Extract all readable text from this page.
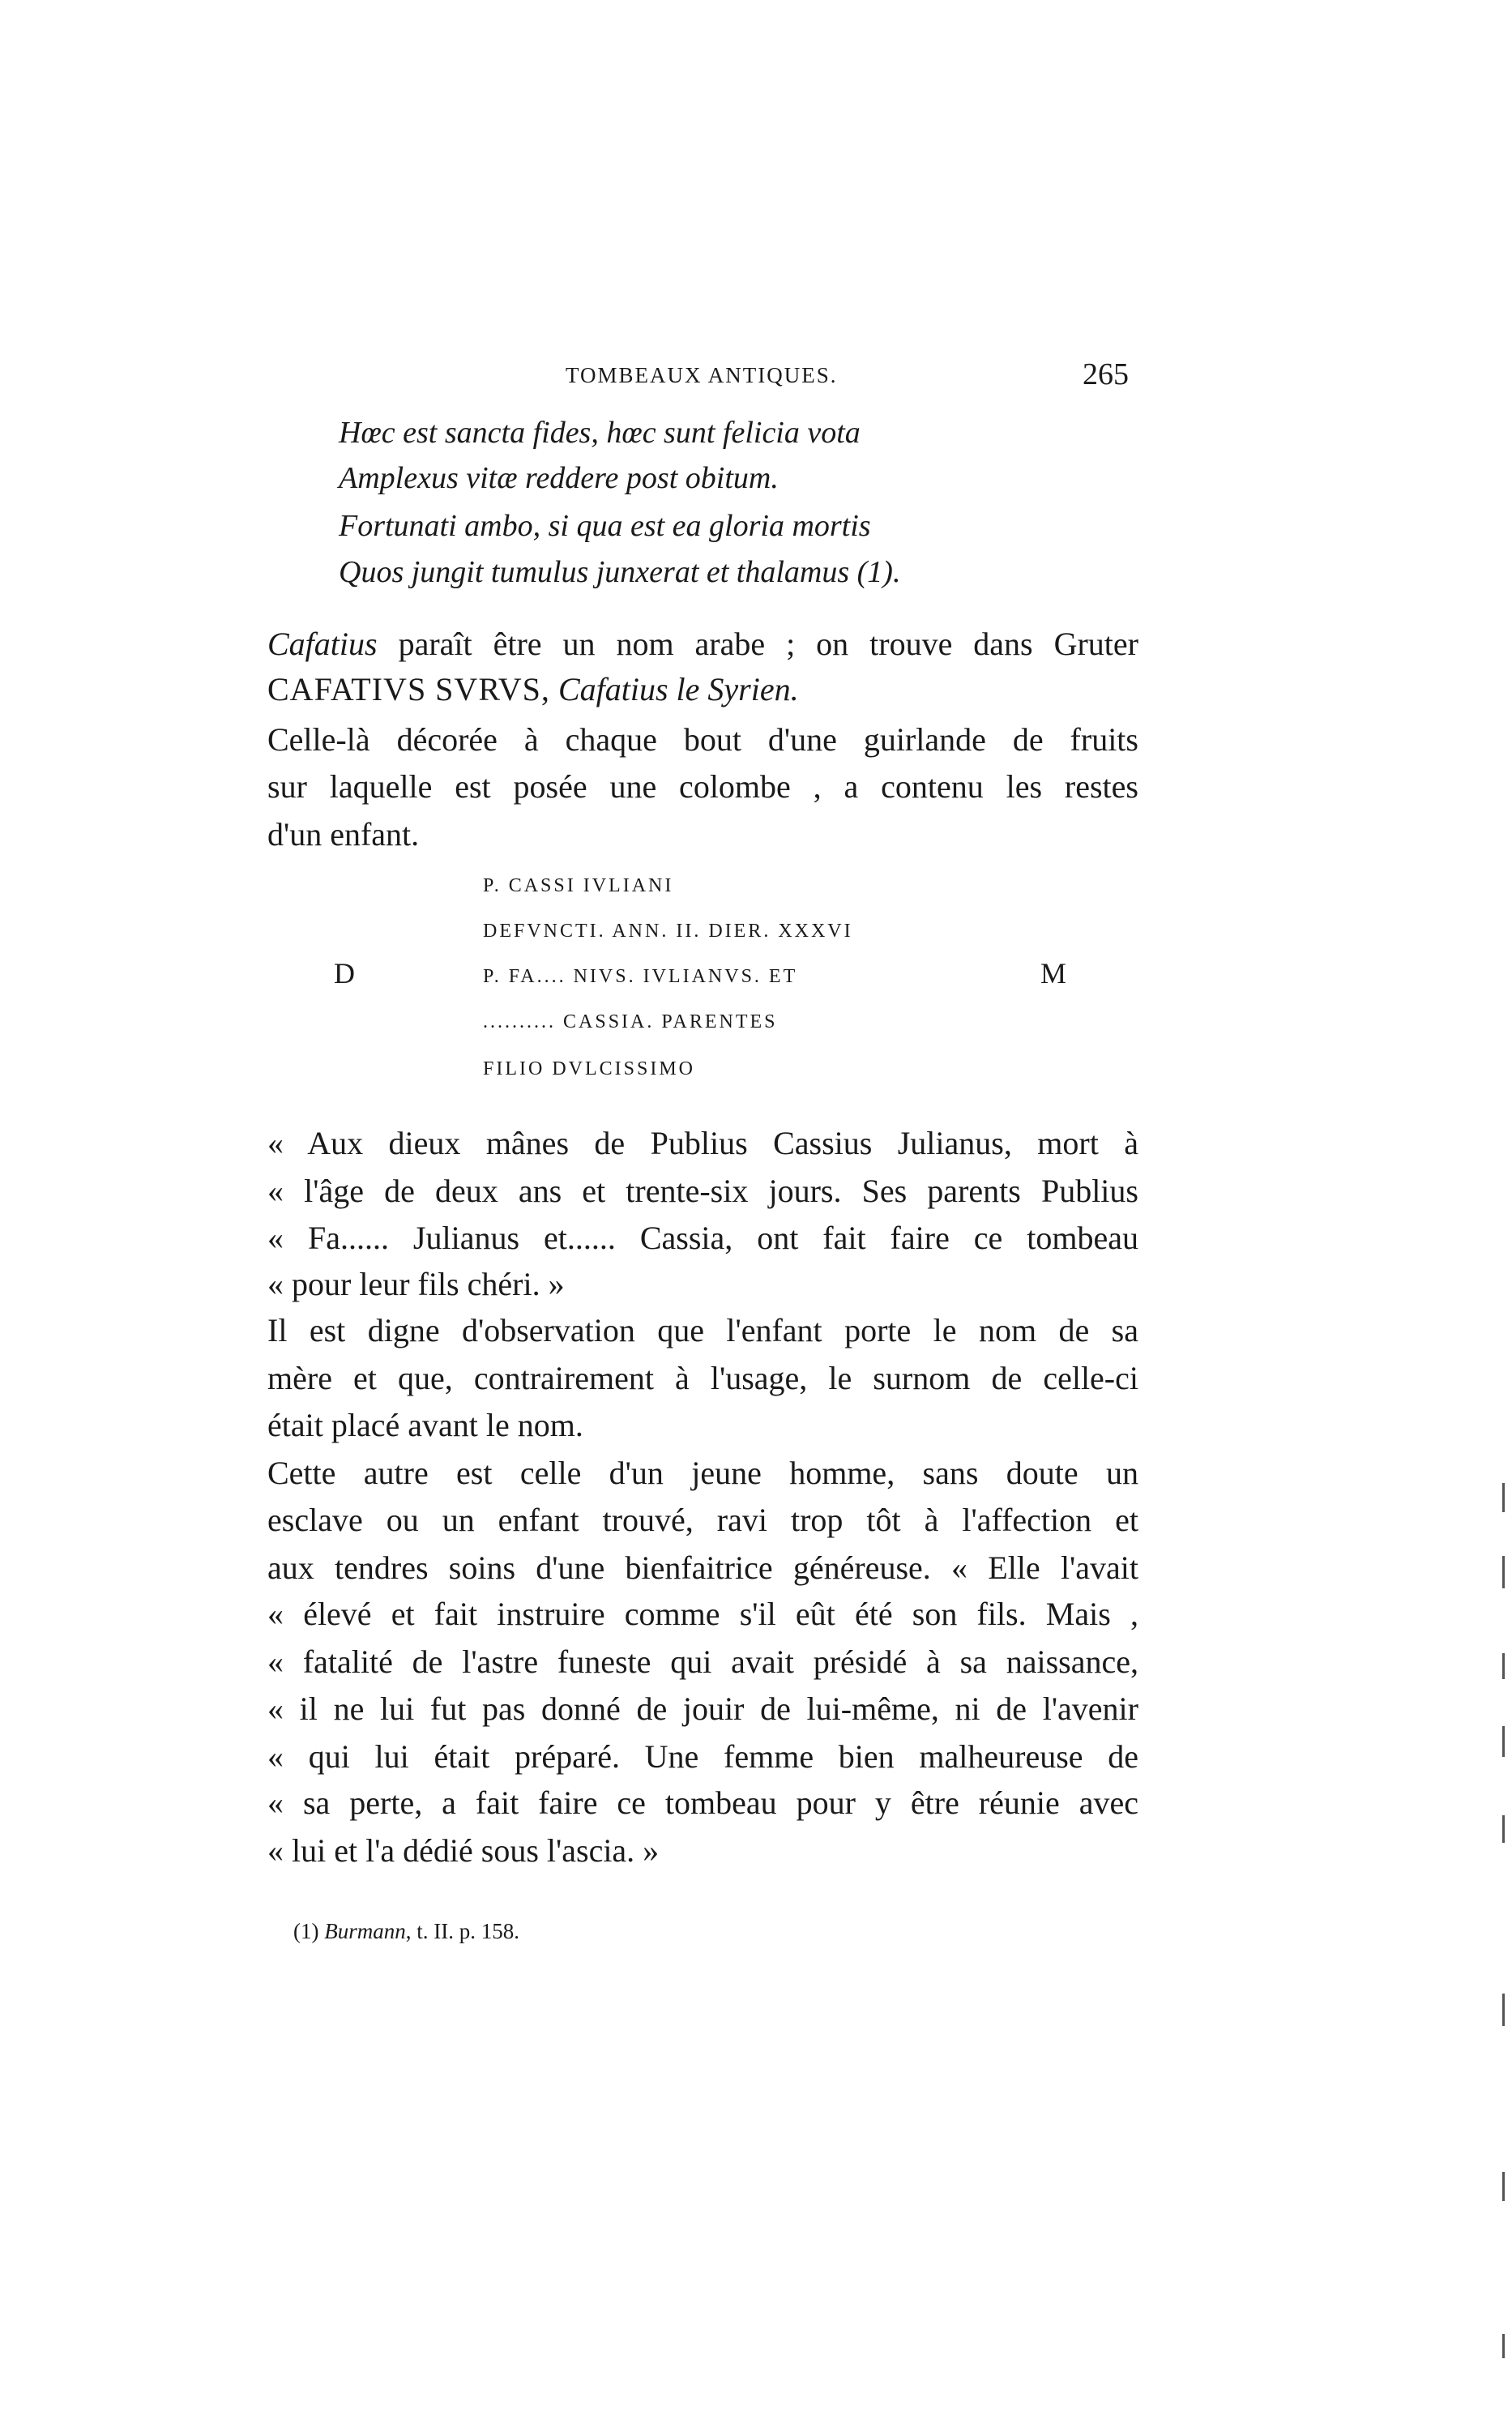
TOMBEAUX ANTIQUES.	265
Hœc est sancta fides, hœc sunt felicia vota
Amplexus vitæ reddere post obitum.
Fortunati ambo, si qua est ea gloria mortis
Quos jungit tumulus junxerat et thalamus (1).
Cafatius paraît être un nom arabe ; on trouve dans Gruter
CAFATIVS SVRVS, Cafatius le Syrien.
Celle-là décorée à chaque bout d'une guirlande de fruits
sur laquelle est posée une colombe , a contenu les restes
d'un enfant.
P. CASSI IVLIANI
DEFVNCTI. ANN. II. DIER. XXXVI
D	P. FA.... NIVS. IVLIANVS. ET	M
.......... CASSIA. PARENTES
FILIO DVLCISSIMO
« Aux dieux mânes de Publius Cassius Julianus, mort à
« l'âge de deux ans et trente-six jours. Ses parents Publius
« Fa...... Julianus et...... Cassia, ont fait faire ce tombeau
« pour leur fils chéri. »
Il est digne d'observation que l'enfant porte le nom de sa
mère et que, contrairement à l'usage, le surnom de celle-ci
était placé avant le nom.
Cette autre est celle d'un jeune homme, sans doute un
esclave ou un enfant trouvé, ravi trop tôt à l'affection et
aux tendres soins d'une bienfaitrice généreuse. « Elle l'avait
« élevé et fait instruire comme s'il eût été son fils. Mais ,
« fatalité de l'astre funeste qui avait présidé à sa naissance,
« il ne lui fut pas donné de jouir de lui-même, ni de l'avenir
« qui lui était préparé. Une femme bien malheureuse de
« sa perte, a fait faire ce tombeau pour y être réunie avec
« lui et l'a dédié sous l'ascia. »
(1) Burmann, t. II. p. 158.
